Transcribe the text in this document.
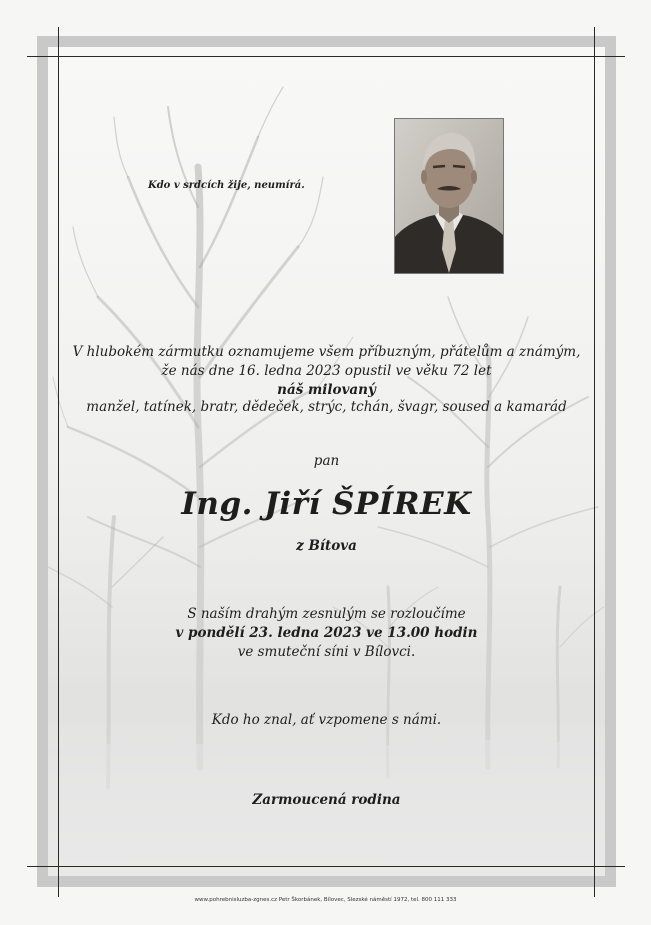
Kdo v srdcích žije, neumírá.
V hlubokém zármutku oznamujeme všem příbuzným, přátelům a známým,
že nás dne 16. ledna 2023 opustil ve věku 72 let
náš milovaný
manžel, tatínek, bratr, dědeček, strýc, tchán, švagr, soused a kamarád
pan
Ing. Jiří ŠPÍREK
z Bítova
S naším drahým zesnulým se rozloučíme
v pondělí 23. ledna 2023 ve 13.00 hodin
ve smuteční síni v Bílovci.
Kdo ho znal, ať vzpomene s námi.
Zarmoucená rodina
www.pohrebnisluzba-zgnes.cz Petr Škorbánek, Bílovec, Slezské náměstí 1972, tel. 800 111 333
